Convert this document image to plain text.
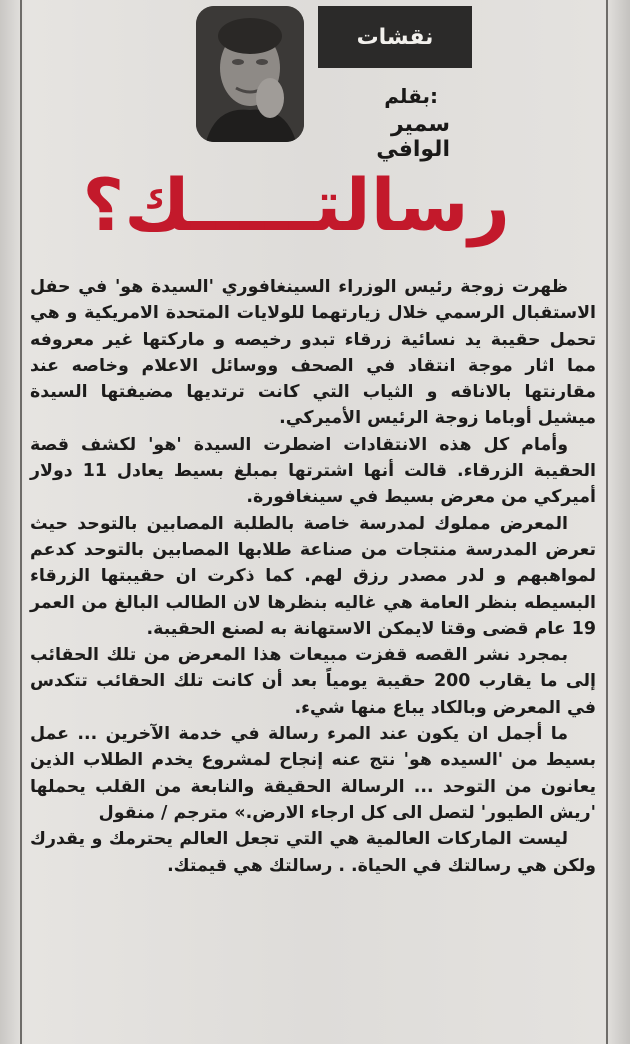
نقشات
بقلم:
سمير الوافي
رسالتـــــك؟

ظهرت زوجة رئيس الوزراء السينغافوري 'السيدة هو' في حفل الاستقبال الرسمي خلال زيارتهما للولايات المتحدة الامريكية و هي تحمل حقيبة يد نسائية زرقاء تبدو رخيصه و ماركتها غير معروفه مما اثار موجة انتقاد في الصحف ووسائل الاعلام وخاصه عند مقارنتها بالاناقه و الثياب التي كانت ترتديها مضيفتها السيدة ميشيل أوباما زوجة الرئيس الأميركي.

وأمام كل هذه الانتقادات اضطرت السيدة 'هو' لكشف قصة الحقيبة الزرقاء. قالت أنها اشترتها بمبلغ بسيط يعادل 11 دولار أميركي من معرض بسيط في سينغافورة.

المعرض مملوك لمدرسة خاصة بالطلبة المصابين بالتوحد حيث تعرض المدرسة منتجات من صناعة طلابها المصابين بالتوحد كدعم لمواهبهم و لدر مصدر رزق لهم. كما ذكرت ان حقيبتها الزرقاء البسيطه بنظر العامة هي غاليه بنظرها لان الطالب البالغ من العمر 19 عام قضى وقتا لايمكن الاستهانة به لصنع الحقيبة.

بمجرد نشر القصه قفزت مبيعات هذا المعرض من تلك الحقائب إلى ما يقارب 200 حقيبة يومياً بعد أن كانت تلك الحقائب تتكدس في المعرض وبالكاد يباع منها شيء.

ما أجمل ان يكون عند المرء رسالة في خدمة الآخرين ... عمل بسيط من 'السيده هو' نتج عنه إنجاح لمشروع يخدم الطلاب الذين يعانون من التوحد ... الرسالة الحقيقة والنابعة من القلب يحملها 'ريش الطيور' لتصل الى كل ارجاء الارض.» مترجم / منقول

ليست الماركات العالمية هي التي تجعل العالم يحترمك و يقدرك ولكن هي رسالتك في الحياة. . رسالتك هي قيمتك.
